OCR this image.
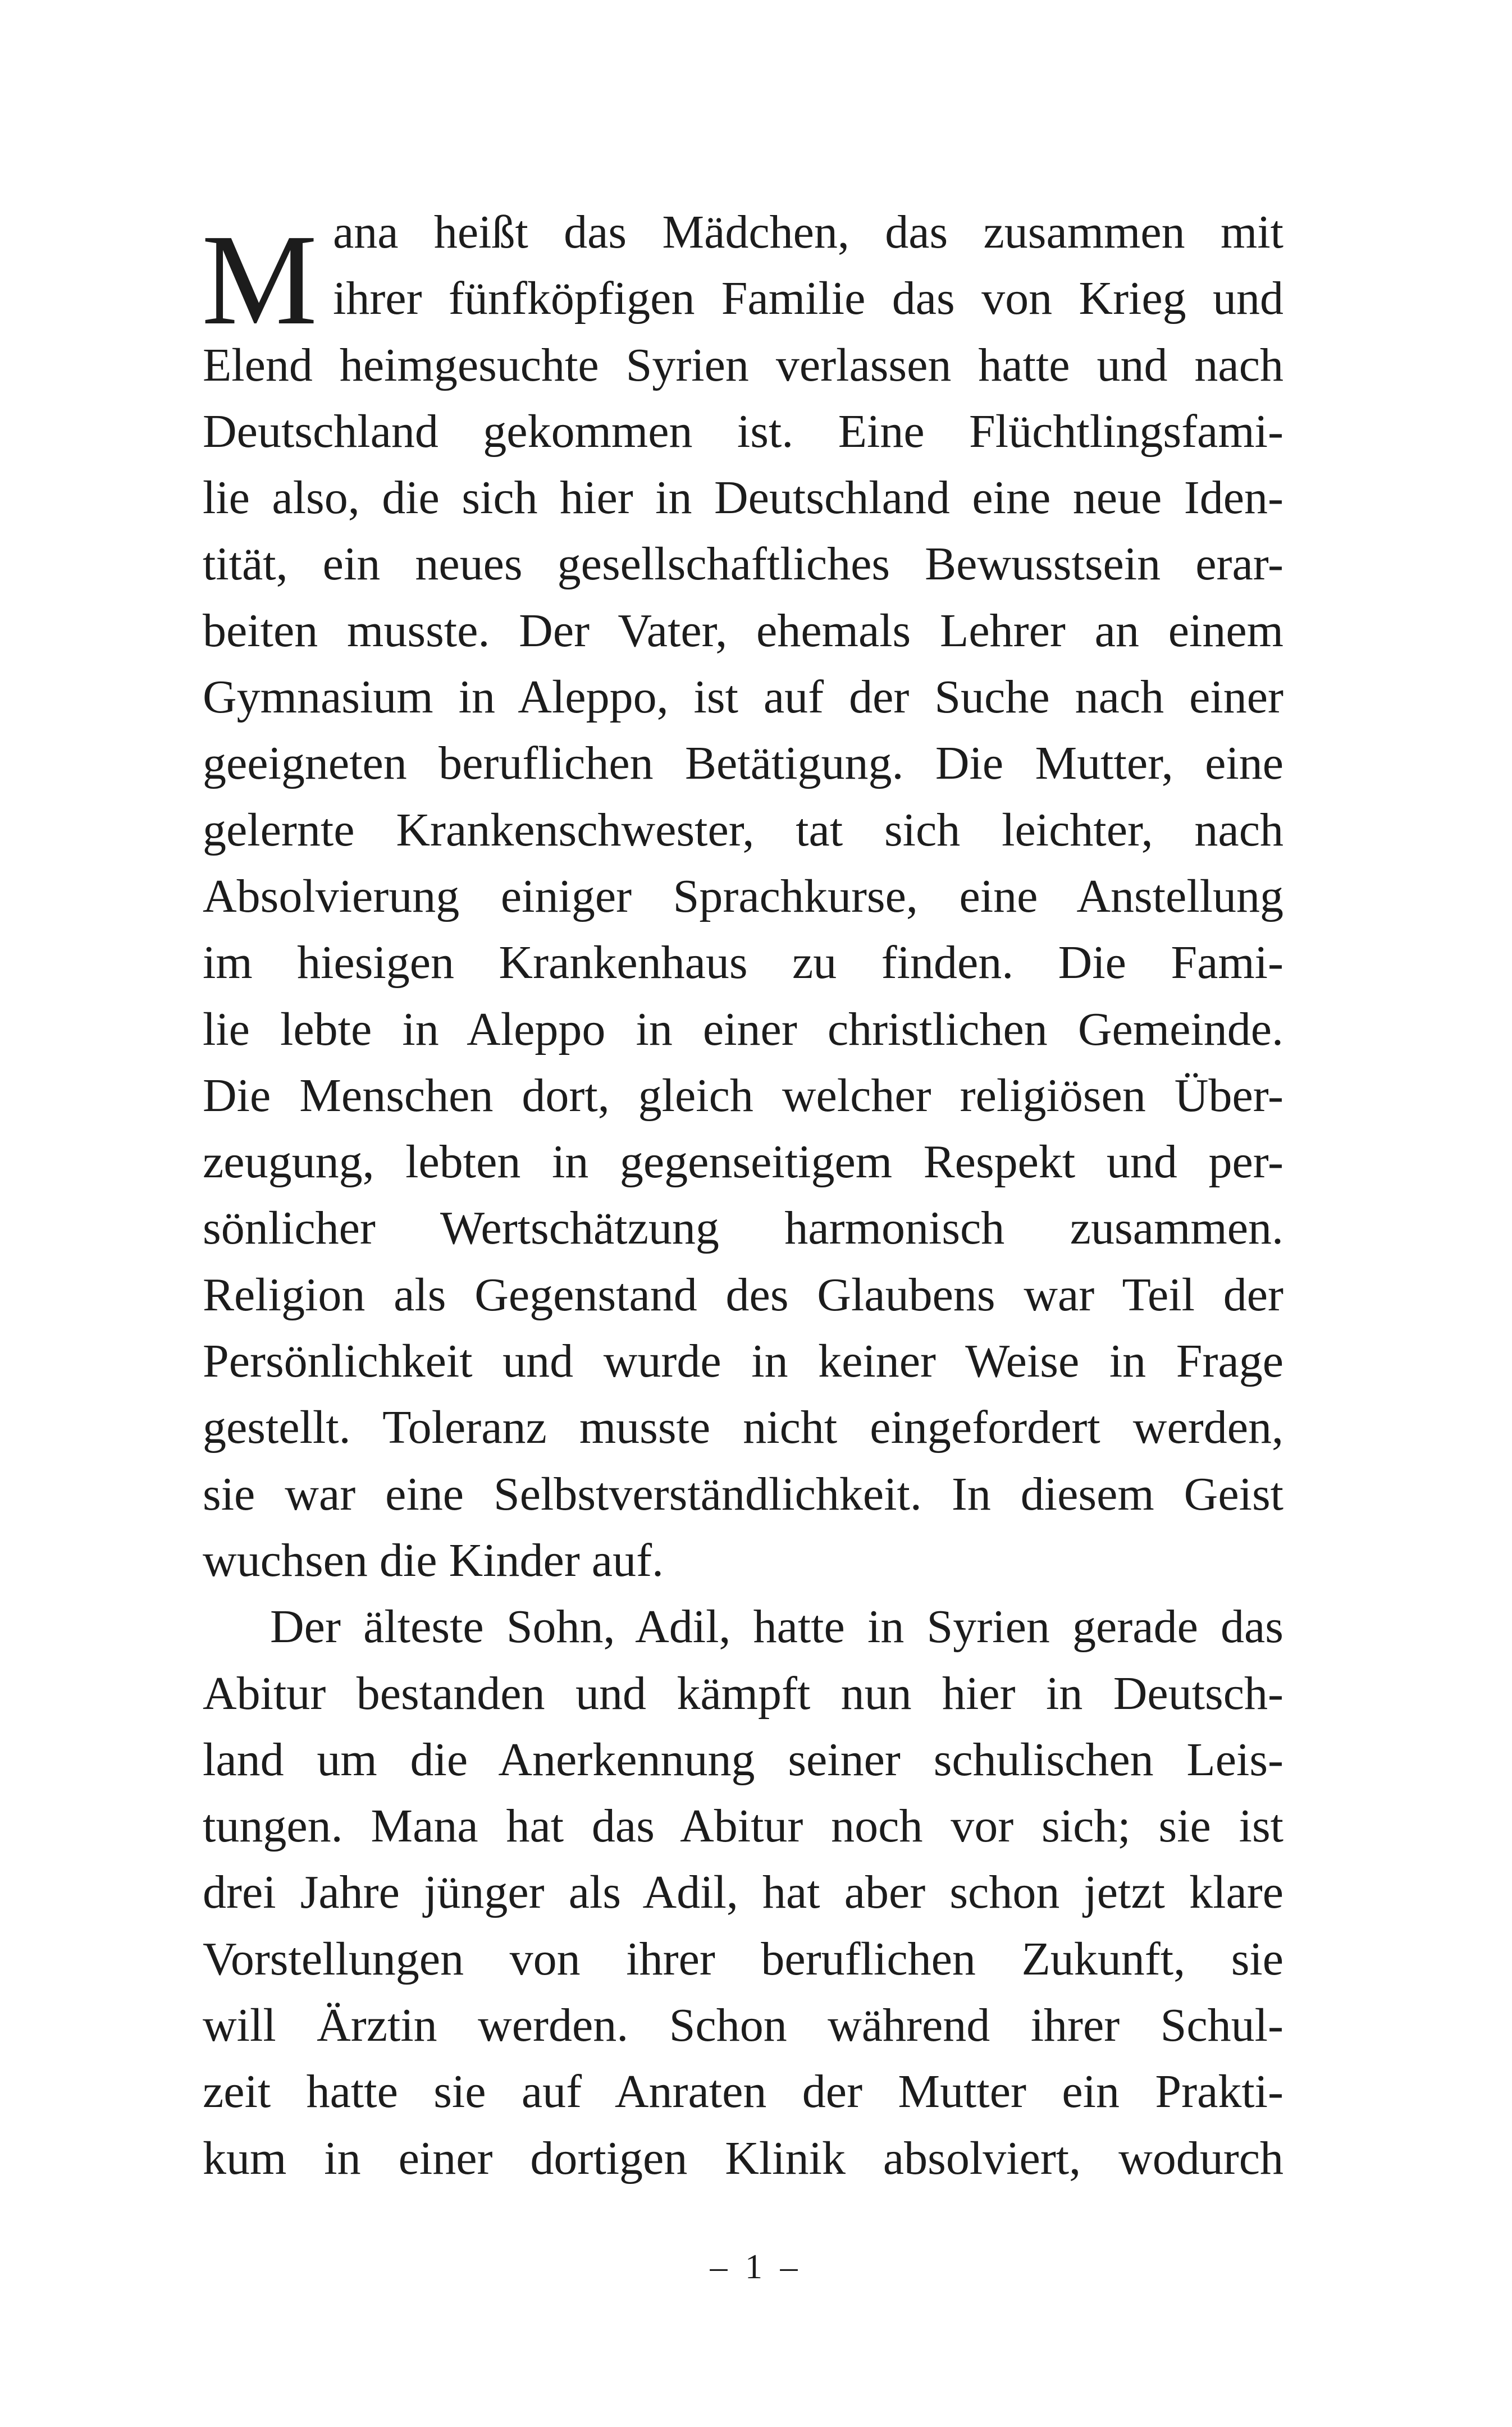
M ana heißt das Mädchen, das zusammen mit
ihrer fünfköpfigen Familie das von Krieg und
Elend heimgesuchte Syrien verlassen hatte und nach
Deutschland gekommen ist. Eine Flüchtlingsfami-
lie also, die sich hier in Deutschland eine neue Iden-
tität, ein neues gesellschaftliches Bewusstsein erar-
beiten musste. Der Vater, ehemals Lehrer an einem
Gymnasium in Aleppo, ist auf der Suche nach einer
geeigneten beruflichen Betätigung. Die Mutter, eine
gelernte Krankenschwester, tat sich leichter, nach
Absolvierung einiger Sprachkurse, eine Anstellung
im hiesigen Krankenhaus zu finden. Die Fami-
lie lebte in Aleppo in einer christlichen Gemeinde.
Die Menschen dort, gleich welcher religiösen Über-
zeugung, lebten in gegenseitigem Respekt und per-
sönlicher Wertschätzung harmonisch zusammen.
Religion als Gegenstand des Glaubens war Teil der
Persönlichkeit und wurde in keiner Weise in Frage
gestellt. Toleranz musste nicht eingefordert werden,
sie war eine Selbstverständlichkeit. In diesem Geist
wuchsen die Kinder auf.
Der älteste Sohn, Adil, hatte in Syrien gerade das
Abitur bestanden und kämpft nun hier in Deutsch-
land um die Anerkennung seiner schulischen Leis-
tungen. Mana hat das Abitur noch vor sich; sie ist
drei Jahre jünger als Adil, hat aber schon jetzt klare
Vorstellungen von ihrer beruflichen Zukunft, sie
will Ärztin werden. Schon während ihrer Schul-
zeit hatte sie auf Anraten der Mutter ein Prakti-
kum in einer dortigen Klinik absolviert, wodurch
– 1 –
